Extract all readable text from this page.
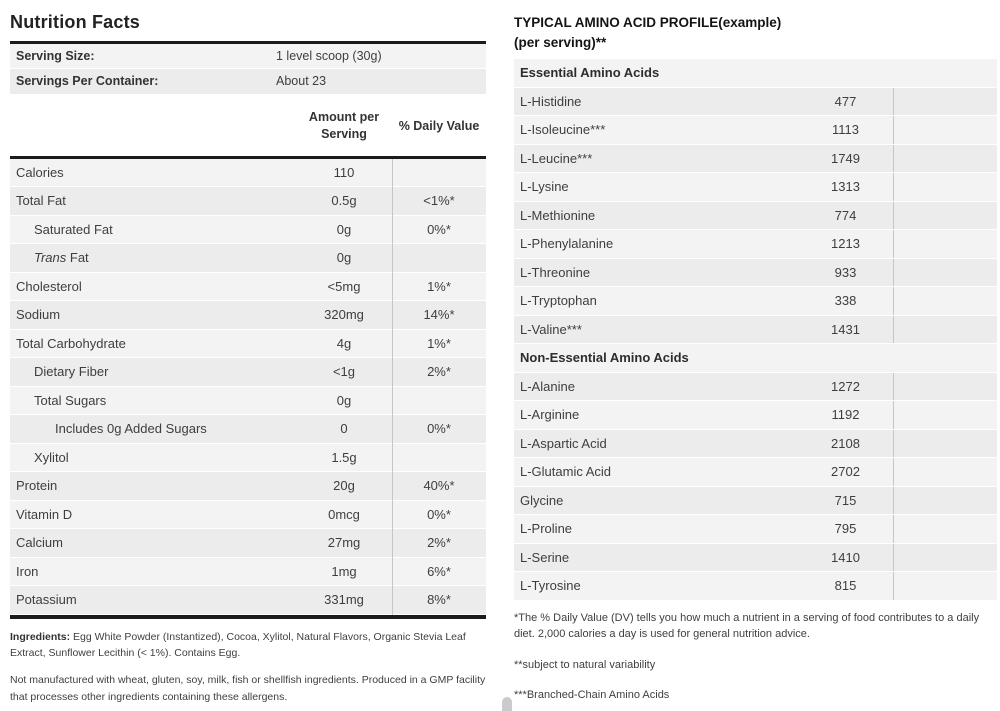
Nutrition Facts
Serving Size:	1 level scoop (30g)
Servings Per Container:	About 23
Amount per Serving
% Daily Value
Calories	110
Total Fat	0.5g	<1%*
Saturated Fat	0g	0%*
Trans Fat	0g
Cholesterol	<5mg	1%*
Sodium	320mg	14%*
Total Carbohydrate	4g	1%*
Dietary Fiber	<1g	2%*
Total Sugars	0g
Includes 0g Added Sugars	0	0%*
Xylitol	1.5g
Protein	20g	40%*
Vitamin D	0mcg	0%*
Calcium	27mg	2%*
Iron	1mg	6%*
Potassium	331mg	8%*

Ingredients: Egg White Powder (Instantized), Cocoa, Xylitol, Natural Flavors, Organic Stevia Leaf Extract, Sunflower Lecithin (< 1%). Contains Egg.

Not manufactured with wheat, gluten, soy, milk, fish or shellfish ingredients. Produced in a GMP facility that processes other ingredients containing these allergens.

TYPICAL AMINO ACID PROFILE(example)
(per serving)**
Essential Amino Acids
L-Histidine	477
L-Isoleucine***	1113
L-Leucine***	1749
L-Lysine	1313
L-Methionine	774
L-Phenylalanine	1213
L-Threonine	933
L-Tryptophan	338
L-Valine***	1431
Non-Essential Amino Acids
L-Alanine	1272
L-Arginine	1192
L-Aspartic Acid	2108
L-Glutamic Acid	2702
Glycine	715
L-Proline	795
L-Serine	1410
L-Tyrosine	815

*The % Daily Value (DV) tells you how much a nutrient in a serving of food contributes to a daily diet. 2,000 calories a day is used for general nutrition advice.

**subject to natural variability

***Branched-Chain Amino Acids
